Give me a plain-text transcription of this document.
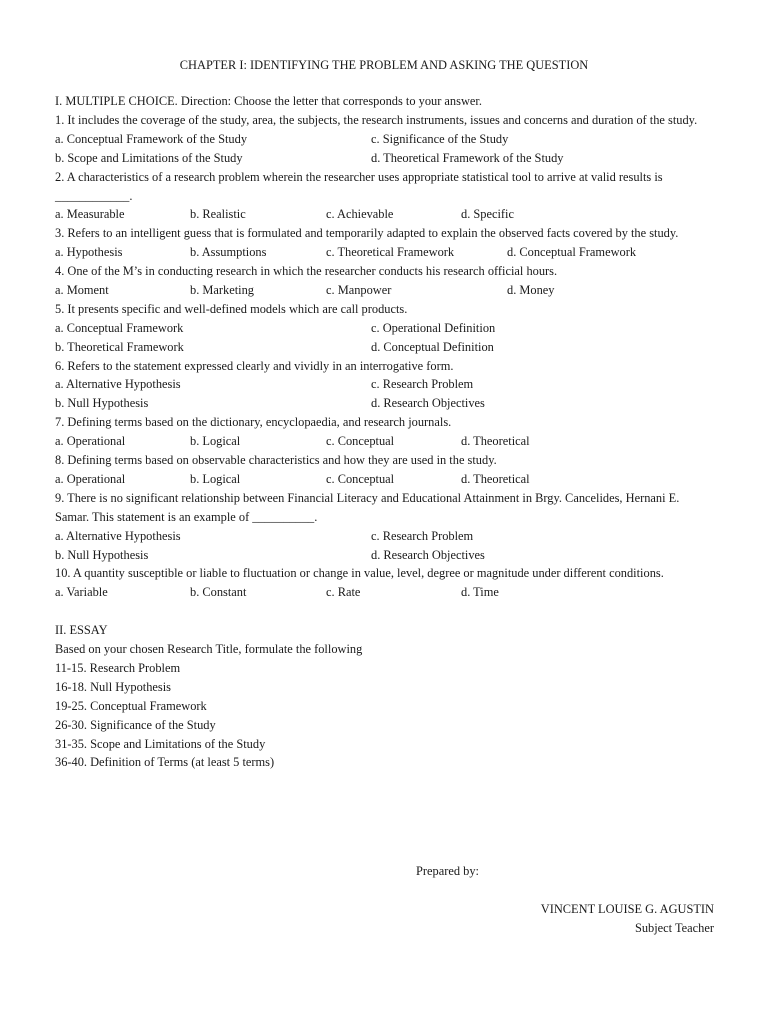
CHAPTER I: IDENTIFYING THE PROBLEM AND ASKING THE QUESTION
I. MULTIPLE CHOICE. Direction: Choose the letter that corresponds to your answer.
1. It includes the coverage of the study, area, the subjects, the research instruments, issues and concerns and duration of the study.
a. Conceptual Framework of the Study	c. Significance of the Study
b. Scope and Limitations of the Study	d. Theoretical Framework of the Study
2. A characteristics of a research problem wherein the researcher uses appropriate statistical tool to arrive at valid results is ____________.
a. Measurable	b. Realistic	c. Achievable	d. Specific
3. Refers to an intelligent guess that is formulated and temporarily adapted to explain the observed facts covered by the study.
a. Hypothesis	b. Assumptions	c. Theoretical Framework	d. Conceptual Framework
4. One of the M’s in conducting research in which the researcher conducts his research official hours.
a. Moment	b. Marketing	c. Manpower	d. Money
5. It presents specific and well-defined models which are call products.
a. Conceptual Framework	c. Operational Definition
b. Theoretical Framework	d. Conceptual Definition
6. Refers to the statement expressed clearly and vividly in an interrogative form.
a. Alternative Hypothesis	c. Research Problem
b. Null Hypothesis	d. Research Objectives
7. Defining terms based on the dictionary, encyclopaedia, and research journals.
a. Operational	b. Logical	c. Conceptual	d. Theoretical
8. Defining terms based on observable characteristics and how they are used in the study.
a. Operational	b. Logical	c. Conceptual	d. Theoretical
9. There is no significant relationship between Financial Literacy and Educational Attainment in Brgy. Cancelides, Hernani E. Samar. This statement is an example of __________.
a. Alternative Hypothesis	c. Research Problem
b. Null Hypothesis	d. Research Objectives
10. A quantity susceptible or liable to fluctuation or change in value, level, degree or magnitude under different conditions.
a. Variable	b. Constant	c. Rate	d. Time
II. ESSAY
Based on your chosen Research Title, formulate the following
11-15. Research Problem
16-18. Null Hypothesis
19-25. Conceptual Framework
26-30. Significance of the Study
31-35. Scope and Limitations of the Study
36-40. Definition of Terms (at least 5 terms)
Prepared by:
VINCENT LOUISE G. AGUSTIN
Subject Teacher
